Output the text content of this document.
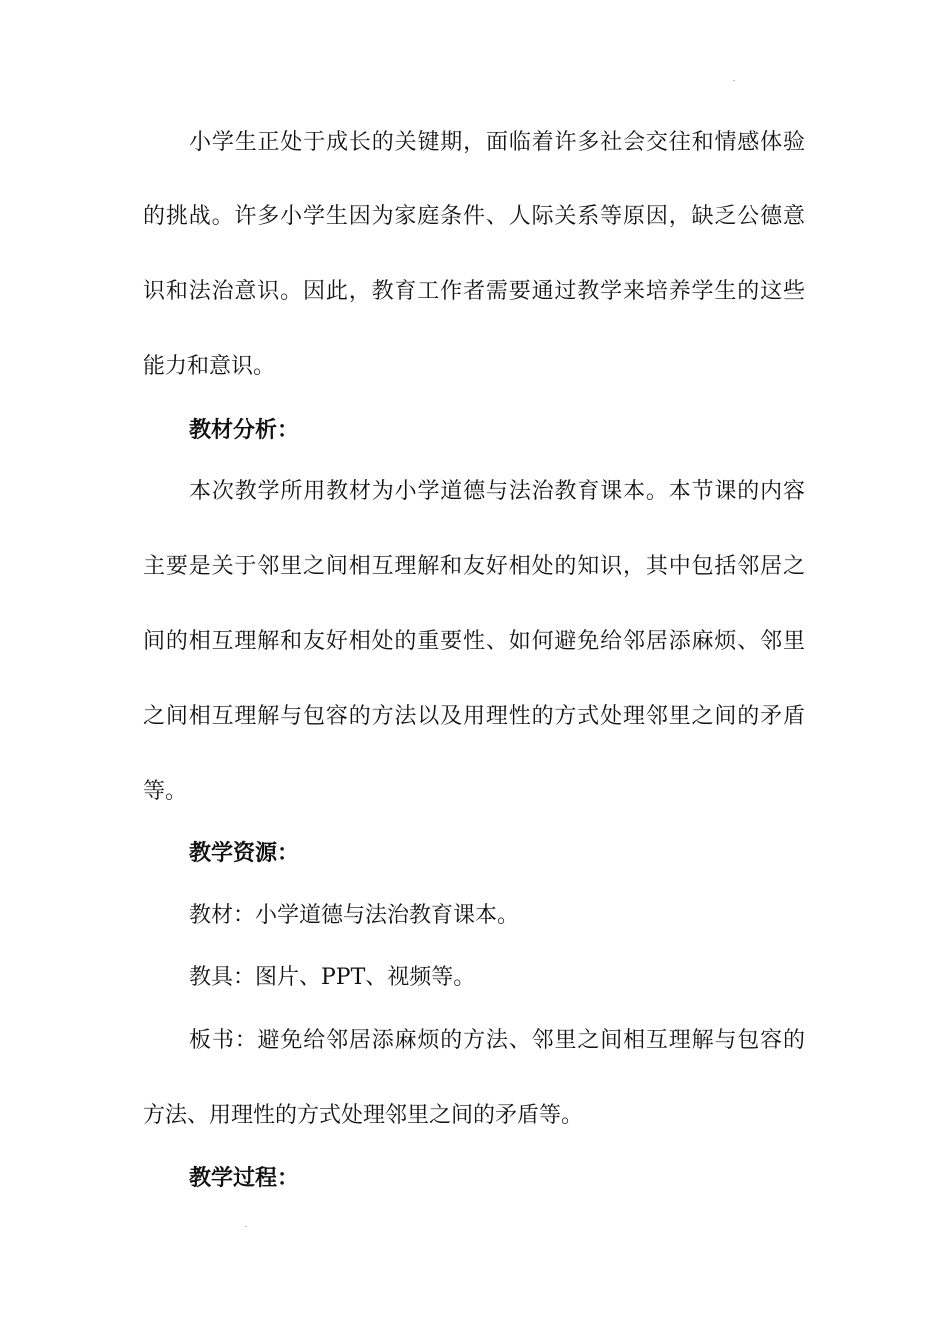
小学生正处于成长的关键期，面临着许多社会交往和情感体验
的挑战。许多小学生因为家庭条件、人际关系等原因，缺乏公德意
识和法治意识。因此，教育工作者需要通过教学来培养学生的这些
能力和意识。
教材分析：
本次教学所用教材为小学道德与法治教育课本。本节课的内容
主要是关于邻里之间相互理解和友好相处的知识，其中包括邻居之
间的相互理解和友好相处的重要性、如何避免给邻居添麻烦、邻里
之间相互理解与包容的方法以及用理性的方式处理邻里之间的矛盾
等。
教学资源：
教材：小学道德与法治教育课本。
教具：图片、PPT、视频等。
板书：避免给邻居添麻烦的方法、邻里之间相互理解与包容的
方法、用理性的方式处理邻里之间的矛盾等。
教学过程：
